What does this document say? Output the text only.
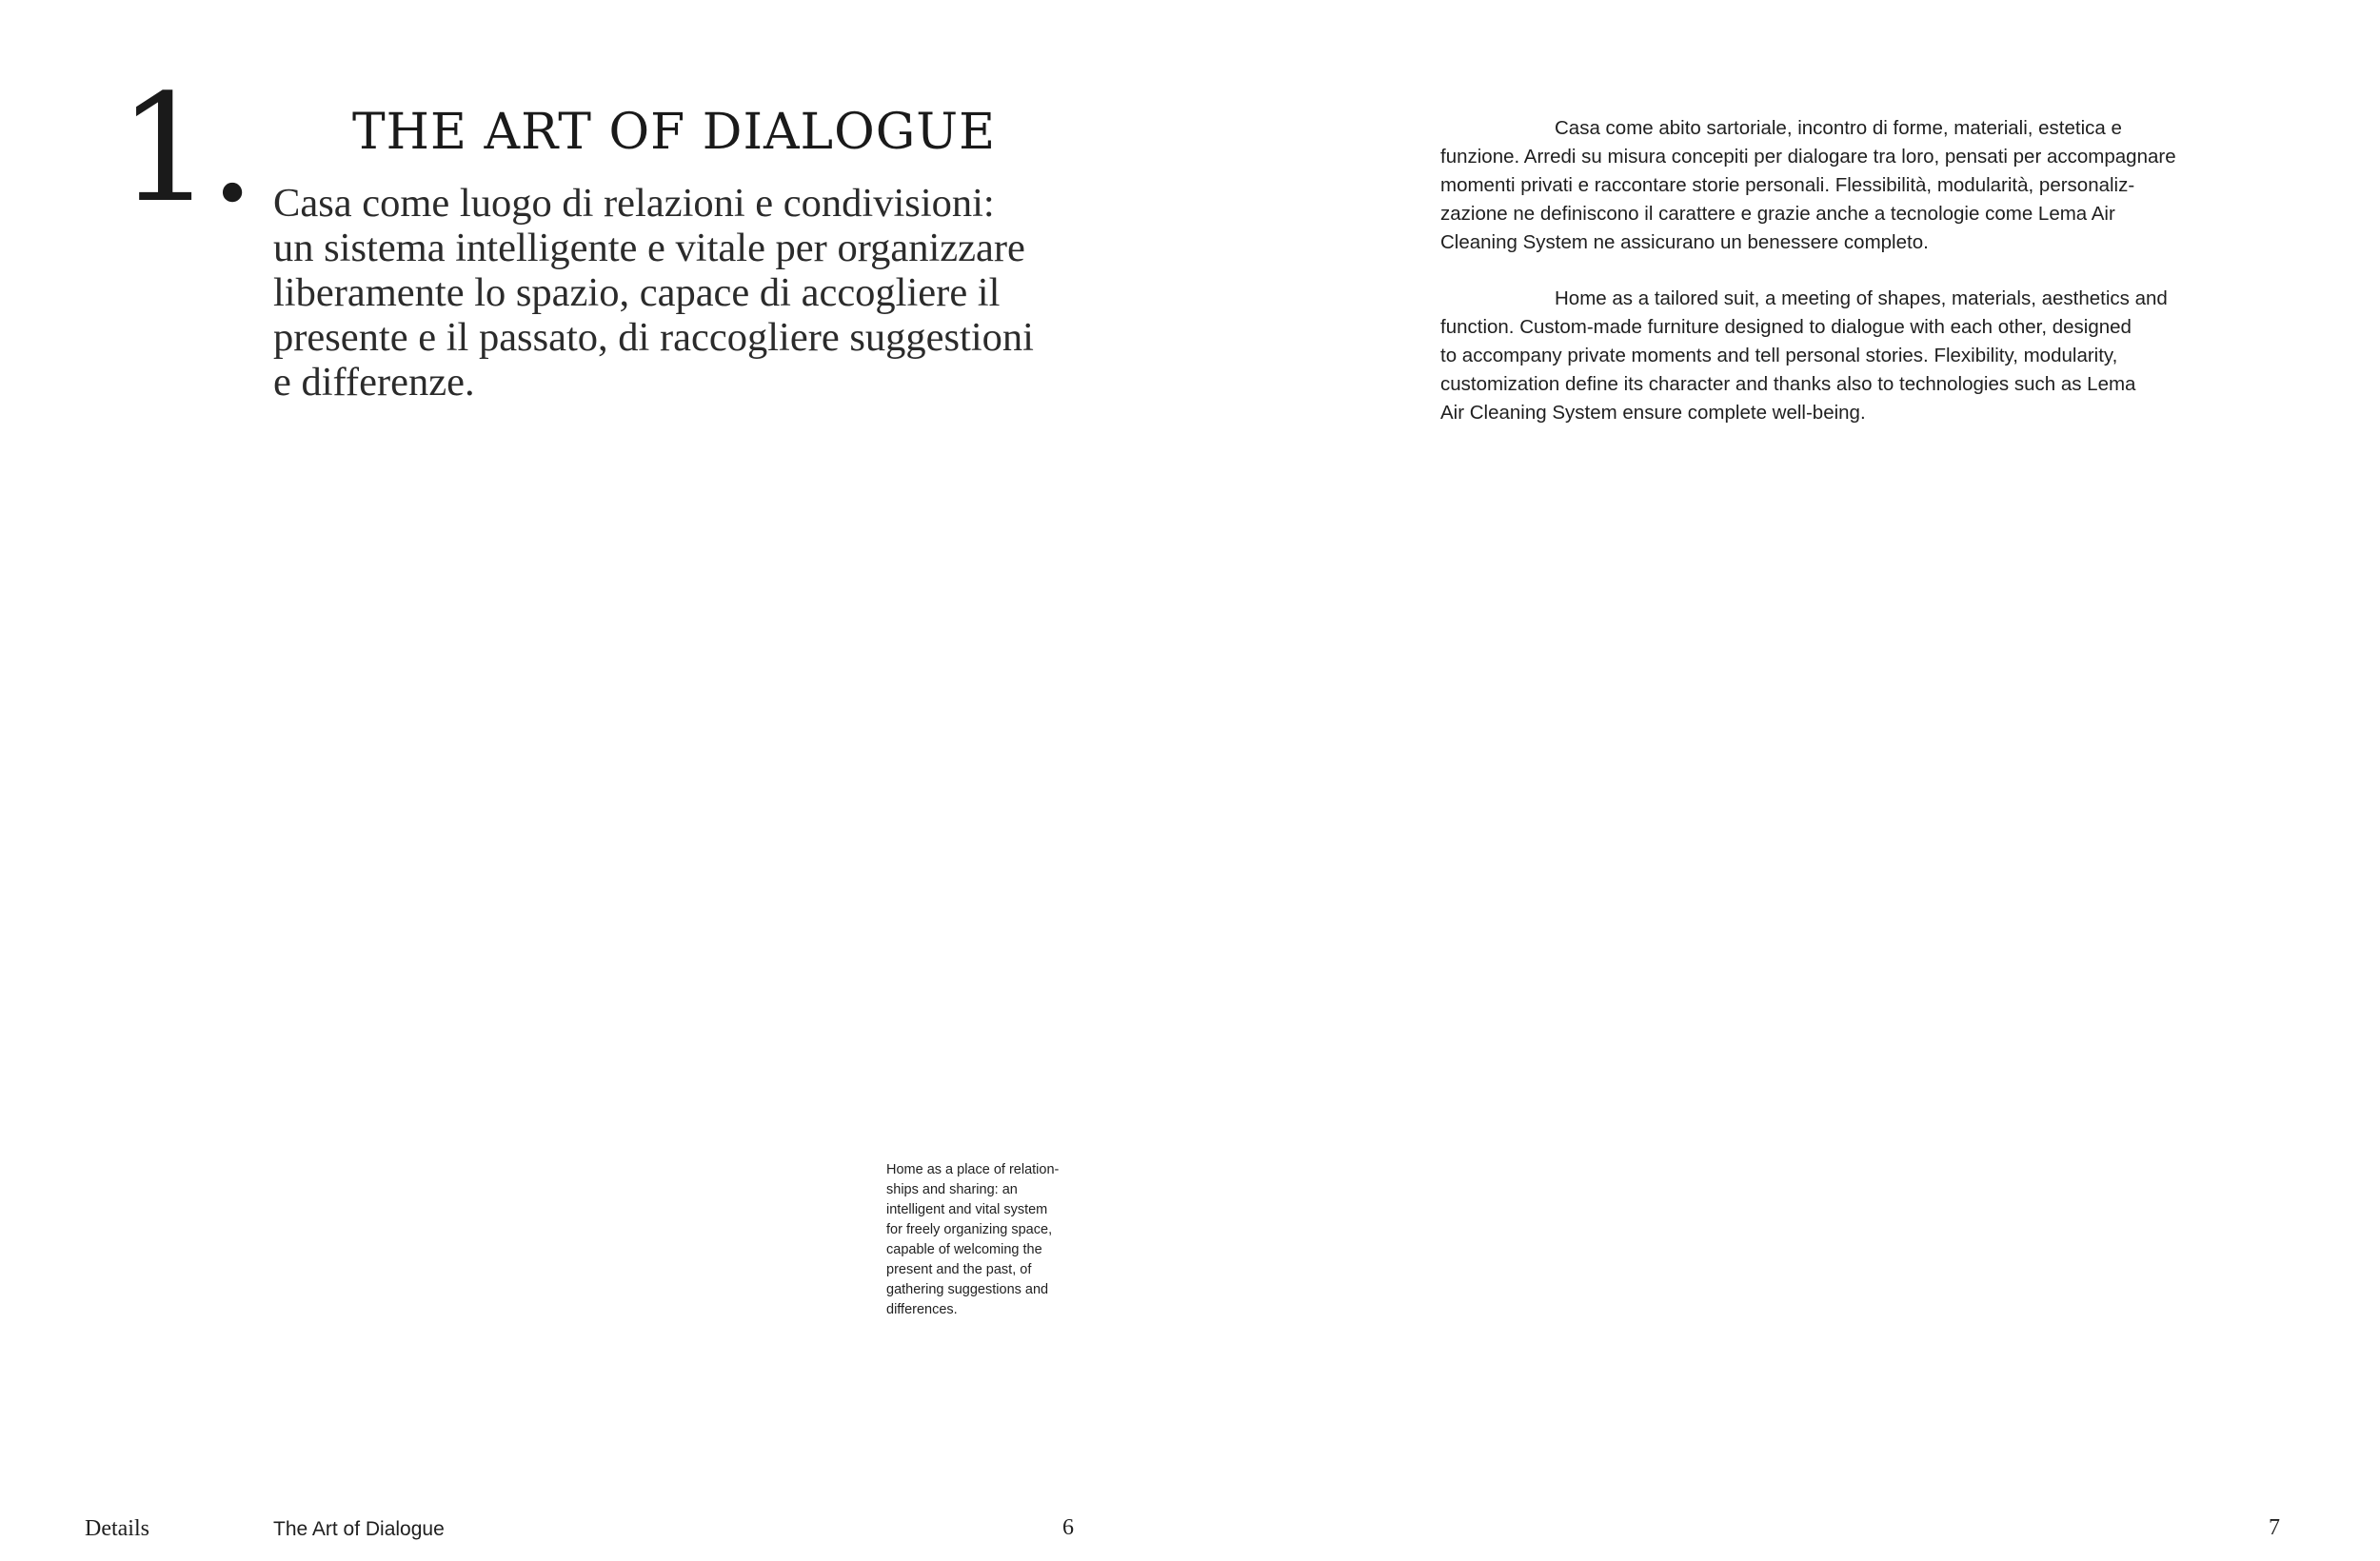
1. THE ART OF DIALOGUE
Casa come luogo di relazioni e condivisioni:
un sistema intelligente e vitale per organizzare
liberamente lo spazio, capace di accogliere il
presente e il passato, di raccogliere suggestioni
e differenze.
Home as a place of relation-
ships and sharing: an
intelligent and vital system
for freely organizing space,
capable of welcoming the
present and the past, of
gathering suggestions and
differences.
Details	The Art of Dialogue	6
Casa come abito sartoriale, incontro di forme, materiali, estetica e
funzione. Arredi su misura concepiti per dialogare tra loro, pensati per accompagnare
momenti privati e raccontare storie personali. Flessibilità, modularità, personaliz-
zazione ne definiscono il carattere e grazie anche a tecnologie come Lema Air
Cleaning System ne assicurano un benessere completo.
Home as a tailored suit, a meeting of shapes, materials, aesthetics and
function. Custom-made furniture designed to dialogue with each other, designed
to accompany private moments and tell personal stories. Flexibility, modularity,
customization define its character and thanks also to technologies such as Lema
Air Cleaning System ensure complete well-being.
7
